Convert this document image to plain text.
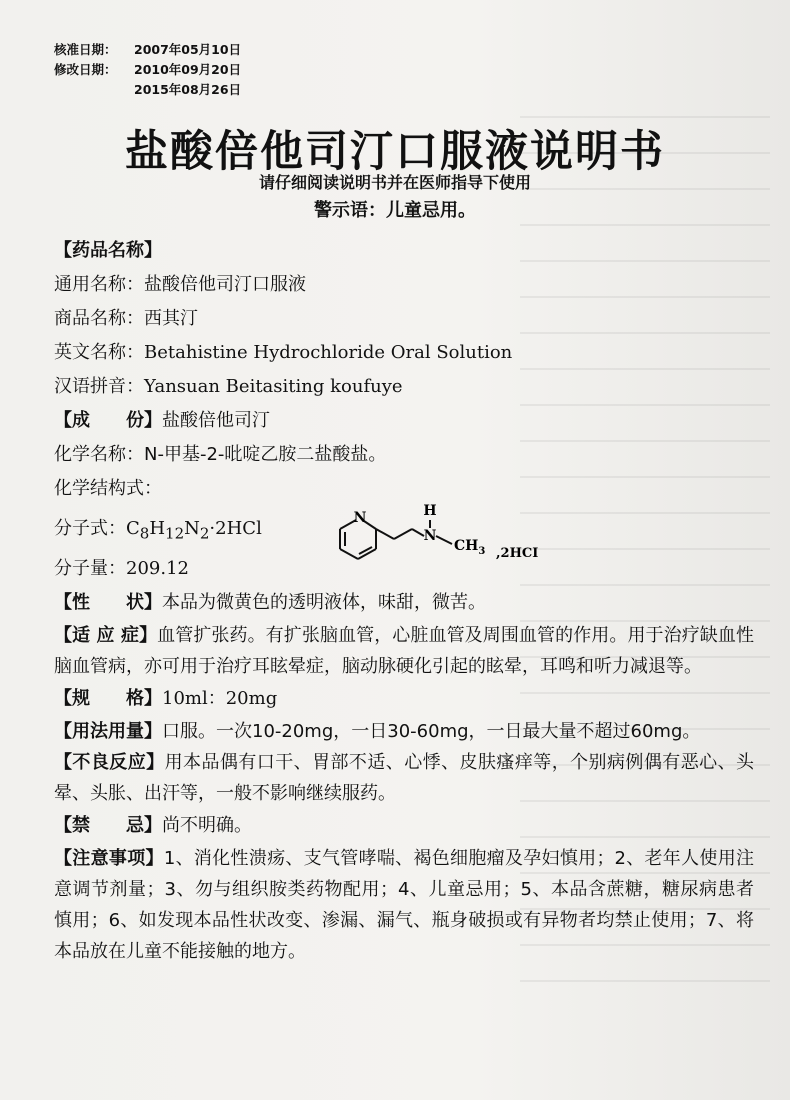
核准日期：	2007年05月10日
修改日期：	2010年09月20日
2015年08月26日
盐酸倍他司汀口服液说明书
请仔细阅读说明书并在医师指导下使用
警示语：儿童忌用。
【药品名称】
通用名称：盐酸倍他司汀口服液
商品名称：西其汀
英文名称：Betahistine Hydrochloride Oral Solution
汉语拼音：Yansuan Beitasiting koufuye
【成　　份】盐酸倍他司汀
化学名称：N-甲基-2-吡啶乙胺二盐酸盐。
化学结构式：
分子式：$C_8H_{12}N_2\cdot 2HCl$	N	H
N
$CH_3$ ,2HCI
分子量：209.12
【性　　状】本品为微黄色的透明液体，味甜，微苦。
【适 应 症】血管扩张药。有扩张脑血管，心脏血管及周围血管的作用。用于治疗缺血性脑血管病，亦可用于治疗耳眩晕症，脑动脉硬化引起的眩晕，耳鸣和听力减退等。
【规　　格】10ml：20mg
【用法用量】口服。一次10-20mg，一日30-60mg，一日最大量不超过60mg。
【不良反应】用本品偶有口干、胃部不适、心悸、皮肤瘙痒等，个别病例偶有恶心、头晕、头胀、出汗等，一般不影响继续服药。
【禁　　忌】尚不明确。
【注意事项】1、消化性溃疡、支气管哮喘、褐色细胞瘤及孕妇慎用；2、老年人使用注意调节剂量；3、勿与组织胺类药物配用；4、儿童忌用；5、本品含蔗糖，糖尿病患者慎用；6、如发现本品性状改变、渗漏、漏气、瓶身破损或有异物者均禁止使用；7、将本品放在儿童不能接触的地方。
